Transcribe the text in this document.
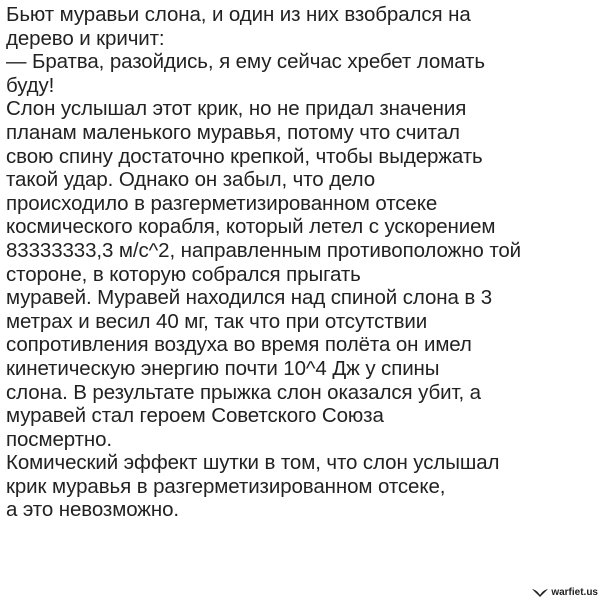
Бьют муравьи слона, и один из них взобрался на
дерево и кричит:
— Братва, разойдись, я ему сейчас хребет ломать
буду!
Слон услышал этот крик, но не придал значения
планам маленького муравья, потому что считал
свою спину достаточно крепкой, чтобы выдержать
такой удар. Однако он забыл, что дело
происходило в разгерметизированном отсеке
космического корабля, который летел с ускорением
83333333,3 м/с^2, направленным противоположно той
стороне, в которую собрался прыгать
муравей. Муравей находился над спиной слона в 3
метрах и весил 40 мг, так что при отсутствии
сопротивления воздуха во время полёта он имел
кинетическую энергию почти 10^4 Дж у спины
слона. В результате прыжка слон оказался убит, а
муравей стал героем Советского Союза
посмертно.
Комический эффект шутки в том, что слон услышал
крик муравья в разгерметизированном отсеке,
а это невозможно.
warfiet.us
